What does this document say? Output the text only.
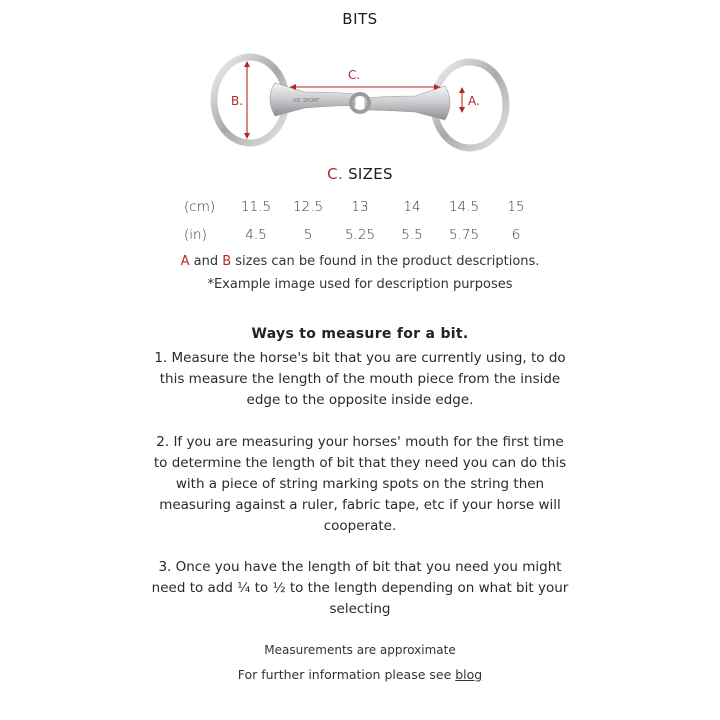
BITS
VIC SPORT
C.
B.	A.
C. SIZES
(cm)	11.5	12.5	13	14	14.5	15
(in)	4.5	5	5.25	5.5	5.75	6
A and B sizes can be found in the product descriptions.
*Example image used for description purposes
Ways to measure for a bit.
1. Measure the horse's bit that you are currently using, to do this measure the length of the mouth piece from the inside edge to the opposite inside edge.
2. If you are measuring your horses' mouth for the first time to determine the length of bit that they need you can do this with a piece of string marking spots on the string then measuring against a ruler, fabric tape, etc if your horse will cooperate.
3. Once you have the length of bit that you need you might need to add ¼ to ½ to the length depending on what bit your selecting
Measurements are approximate
For further information please see blog
